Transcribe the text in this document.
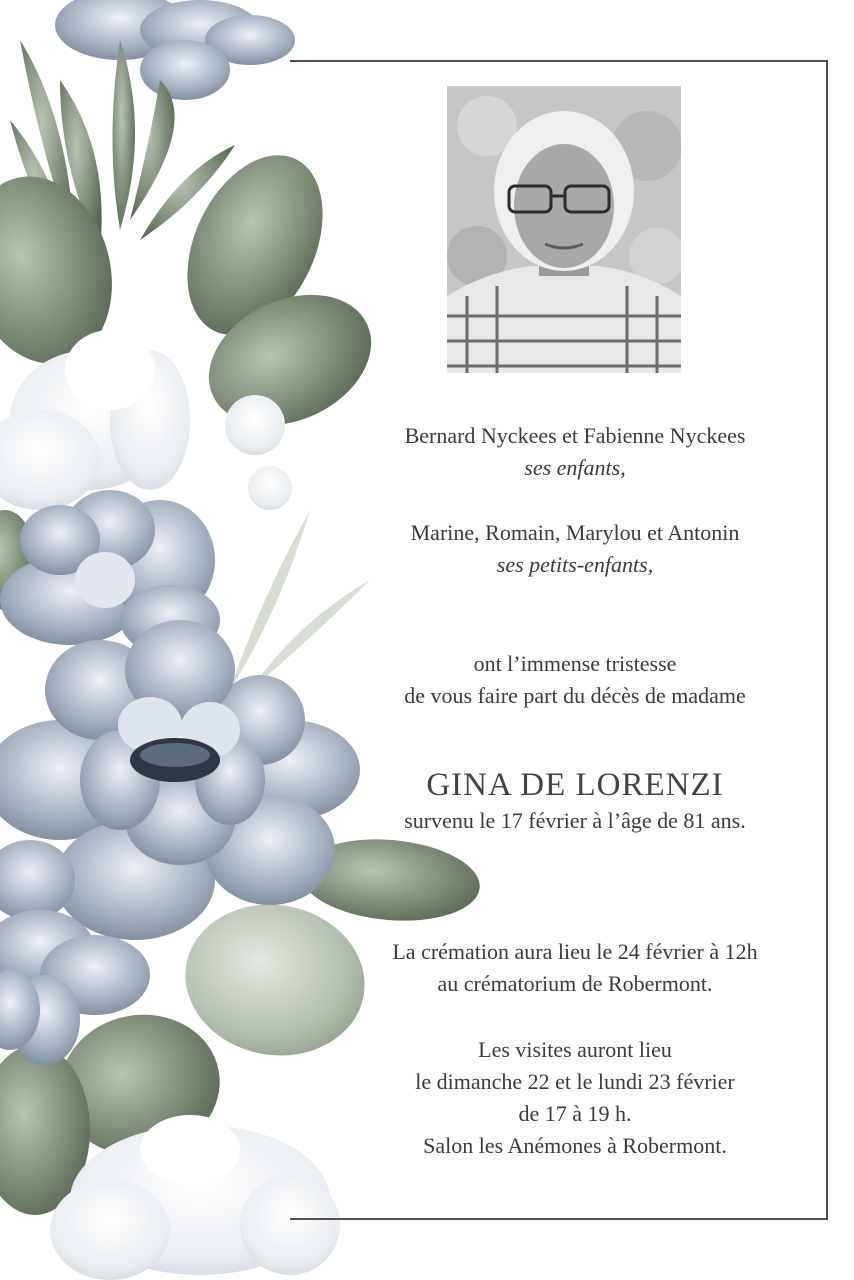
Bernard Nyckees et Fabienne Nyckees
ses enfants,
Marine, Romain, Marylou et Antonin
ses petits-enfants,
ont l’immense tristesse
de vous faire part du décès de madame
GINA DE LORENZI
survenu le 17 février à l’âge de 81 ans.
La crémation aura lieu le 24 février à 12h
au crématorium de Robermont.
Les visites auront lieu
le dimanche 22 et le lundi 23 février
de 17 à 19 h.
Salon les Anémones à Robermont.
